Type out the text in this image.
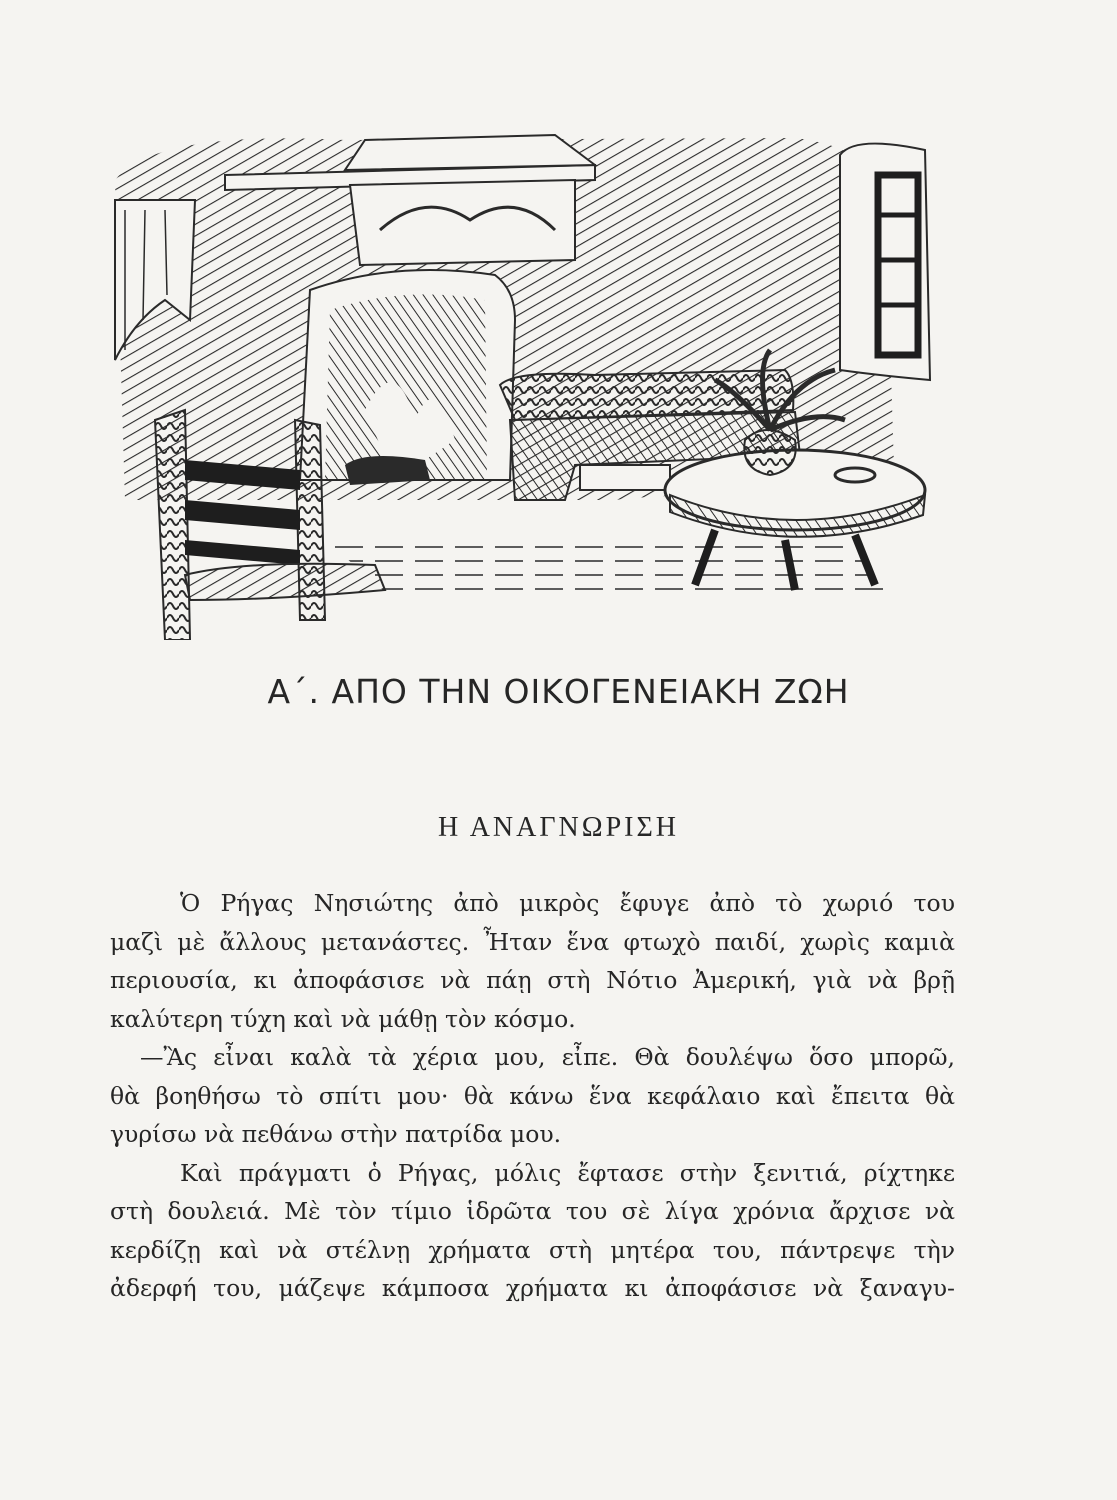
Α΄. ΑΠΟ ΤΗΝ ΟΙΚΟΓΕΝΕΙΑΚΗ ΖΩΗ
Η ΑΝΑΓΝΩΡΙΣΗ
Ὁ Ρήγας Νησιώτης ἀπὸ μικρὸς ἔφυγε ἀπὸ τὸ χωριό του
μαζὶ μὲ ἄλλους μετανάστες. Ἦταν ἕνα φτωχὸ παιδί, χωρὶς καμιὰ
περιουσία, κι ἀποφάσισε νὰ πάῃ στὴ Νότιο Ἀμερική, γιὰ νὰ βρῇ
καλύτερη τύχη καὶ νὰ μάθῃ τὸν κόσμο.
—Ἂς εἶναι καλὰ τὰ χέρια μου, εἶπε. Θὰ δουλέψω ὅσο μπορῶ,
θὰ βοηθήσω τὸ σπίτι μου· θὰ κάνω ἕνα κεφάλαιο καὶ ἔπειτα θὰ
γυρίσω νὰ πεθάνω στὴν πατρίδα μου.
Καὶ πράγματι ὁ Ρήγας, μόλις ἔφτασε στὴν ξενιτιά, ρίχτηκε
στὴ δουλειά. Μὲ τὸν τίμιο ἱδρῶτα του σὲ λίγα χρόνια ἄρχισε νὰ
κερδίζῃ καὶ νὰ στέλνῃ χρήματα στὴ μητέρα του, πάντρεψε τὴν
ἀδερφή του, μάζεψε κάμποσα χρήματα κι ἀποφάσισε νὰ ξαναγυ-
